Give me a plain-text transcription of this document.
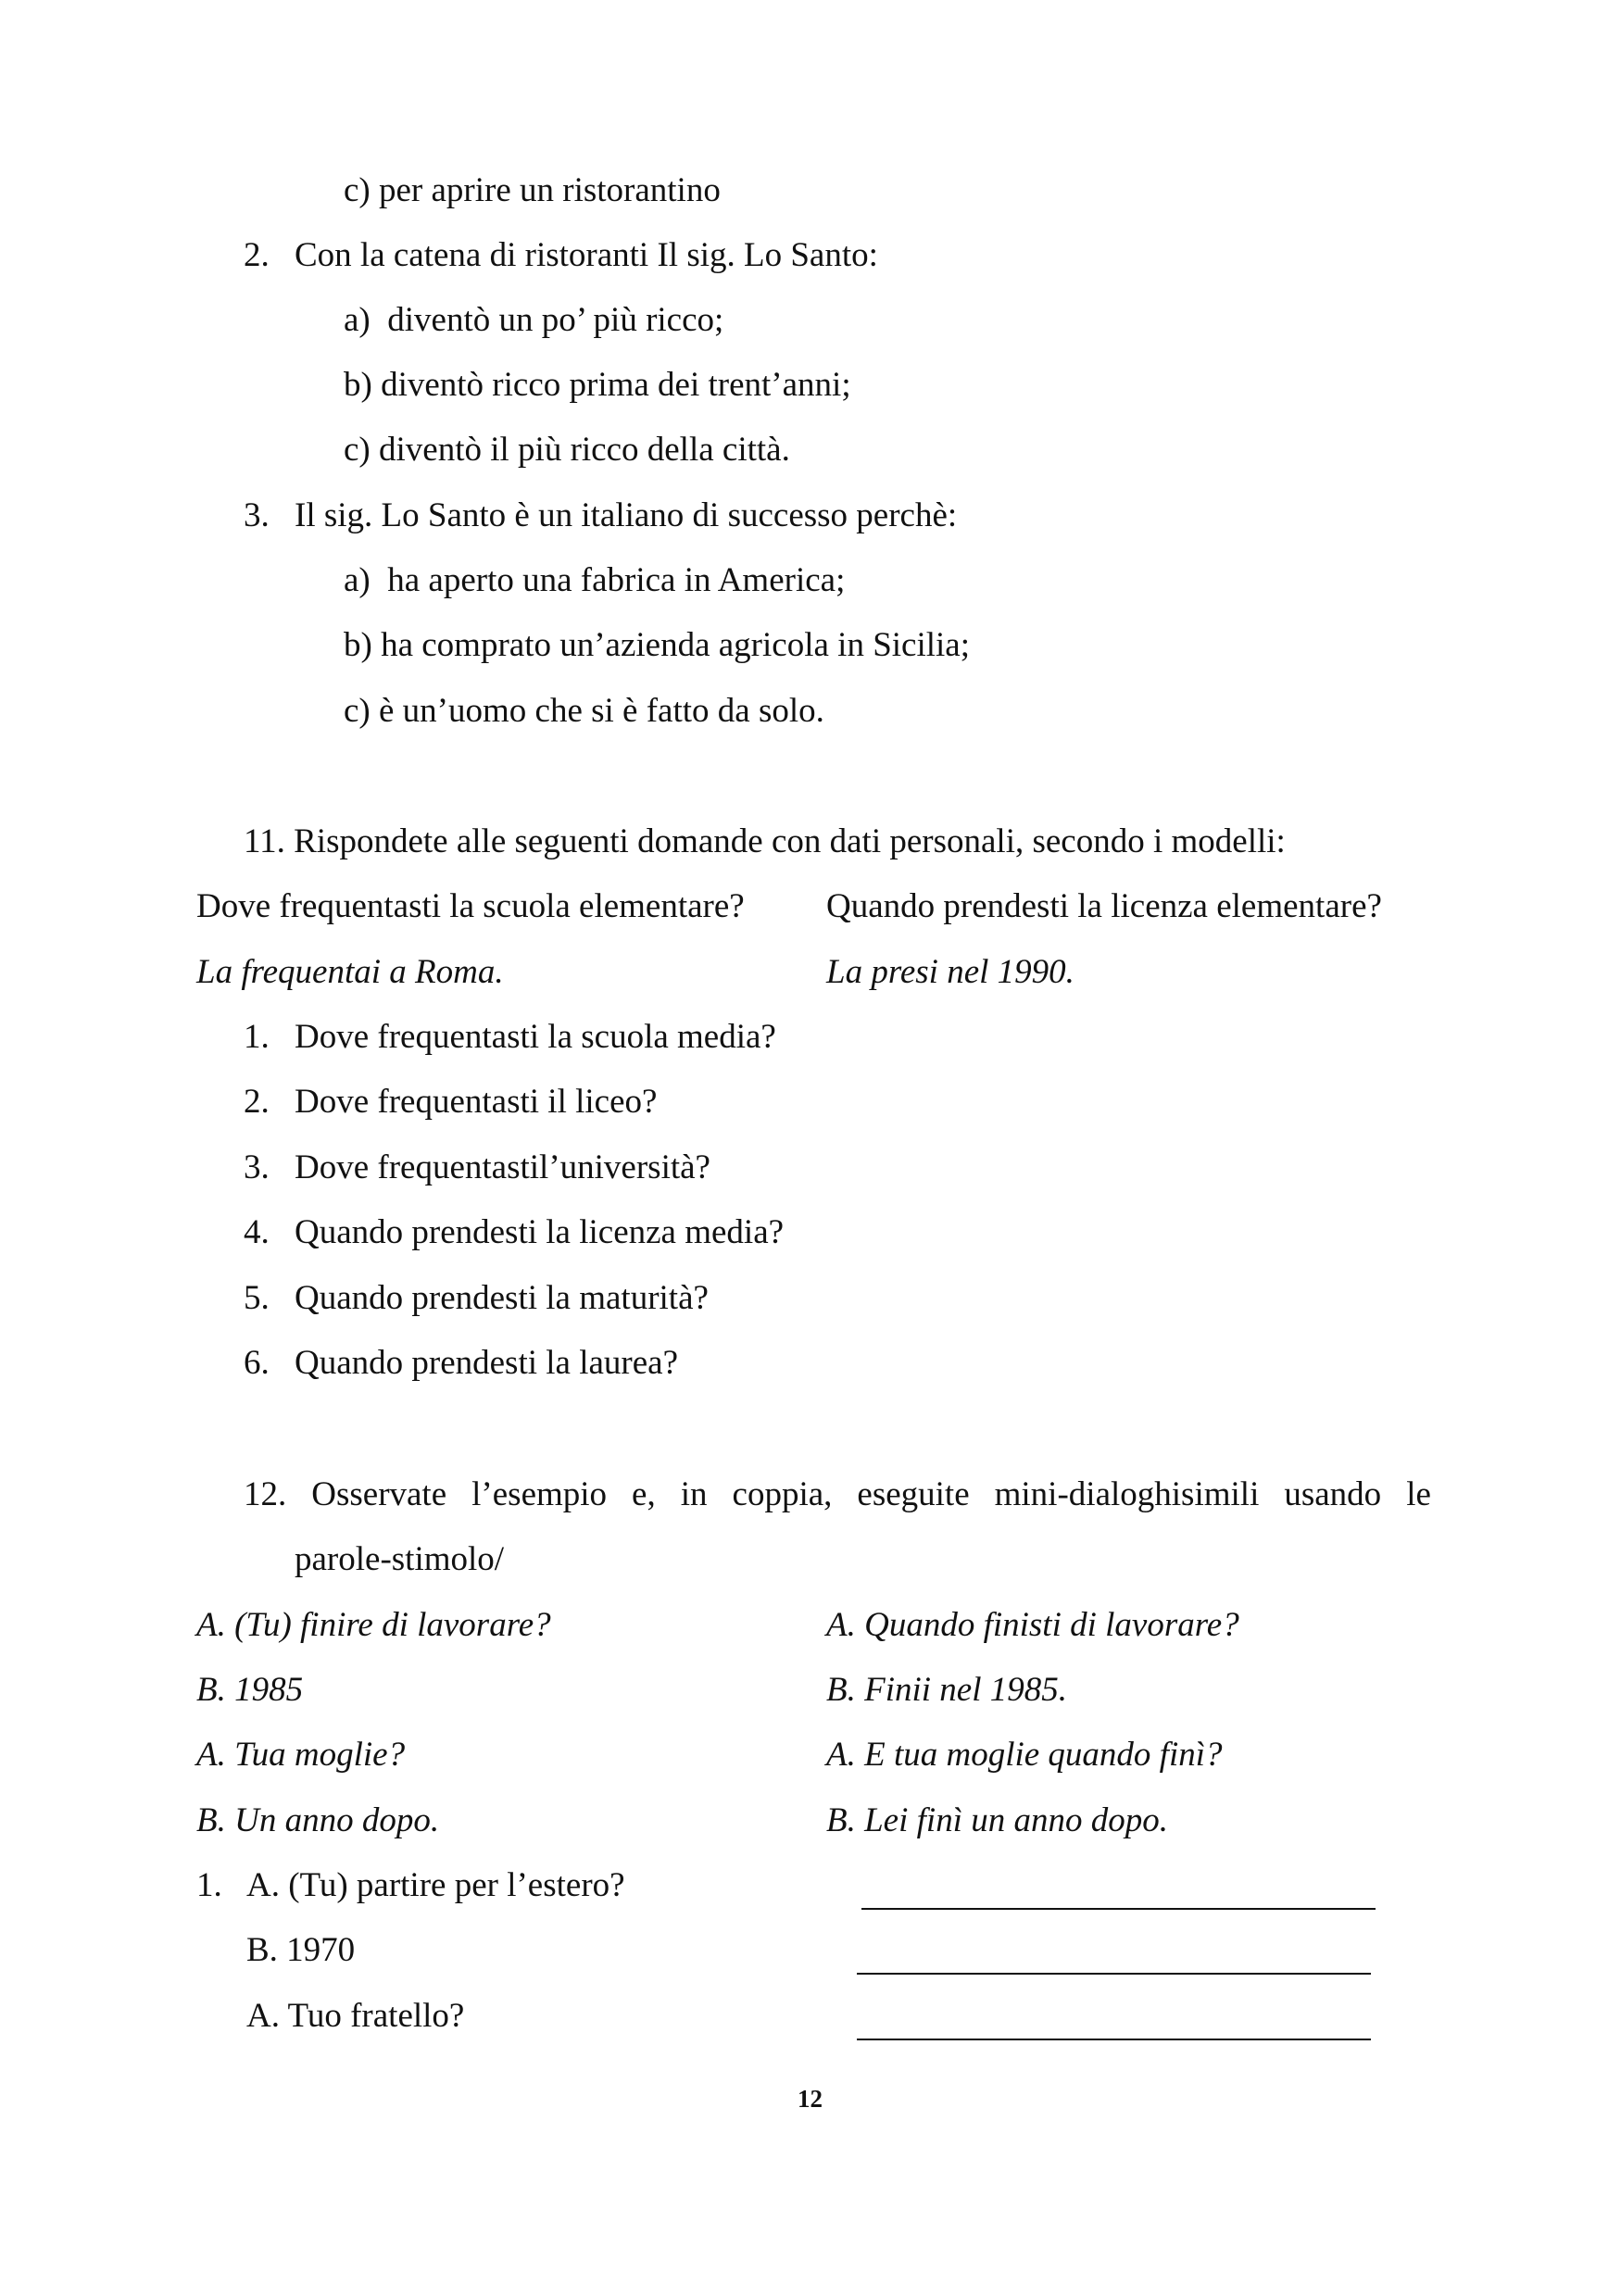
c) per aprire un ristorantino
2. Con la catena di ristoranti Il sig. Lo Santo:
a)  diventò un po’ più ricco;
b) diventò ricco prima dei trent’anni;
c) diventò il più ricco della città.
3. Il sig. Lo Santo è un italiano di successo perchè:
a)  ha aperto una fabrica in America;
b) ha comprato un’azienda agricola in Sicilia;
c) è un’uomo che si è fatto da solo.
11. Rispondete alle seguenti domande con dati personali, secondo i modelli:
Dove frequentasti la scuola elementare? Quando prendesti la licenza elementare?
La frequentai a Roma.	La presi nel 1990.
1. Dove frequentasti la scuola media?
2. Dove frequentasti il liceo?
3. Dove frequentastil’università?
4. Quando prendesti la licenza media?
5. Quando prendesti la maturità?
6. Quando prendesti la laurea?
12. Osservate l’esempio e, in coppia, eseguite mini-dialoghisimili usando le
parole-stimolo/
A. (Tu) finire di lavorare?	A. Quando finisti di lavorare?
B. 1985	B. Finii nel 1985.
A. Tua moglie?	A. E tua moglie quando finì?
B. Un anno dopo.	B. Lei finì un anno dopo.
1. A. (Tu) partire per l’estero?
B. 1970
A. Tuo fratello?
12
